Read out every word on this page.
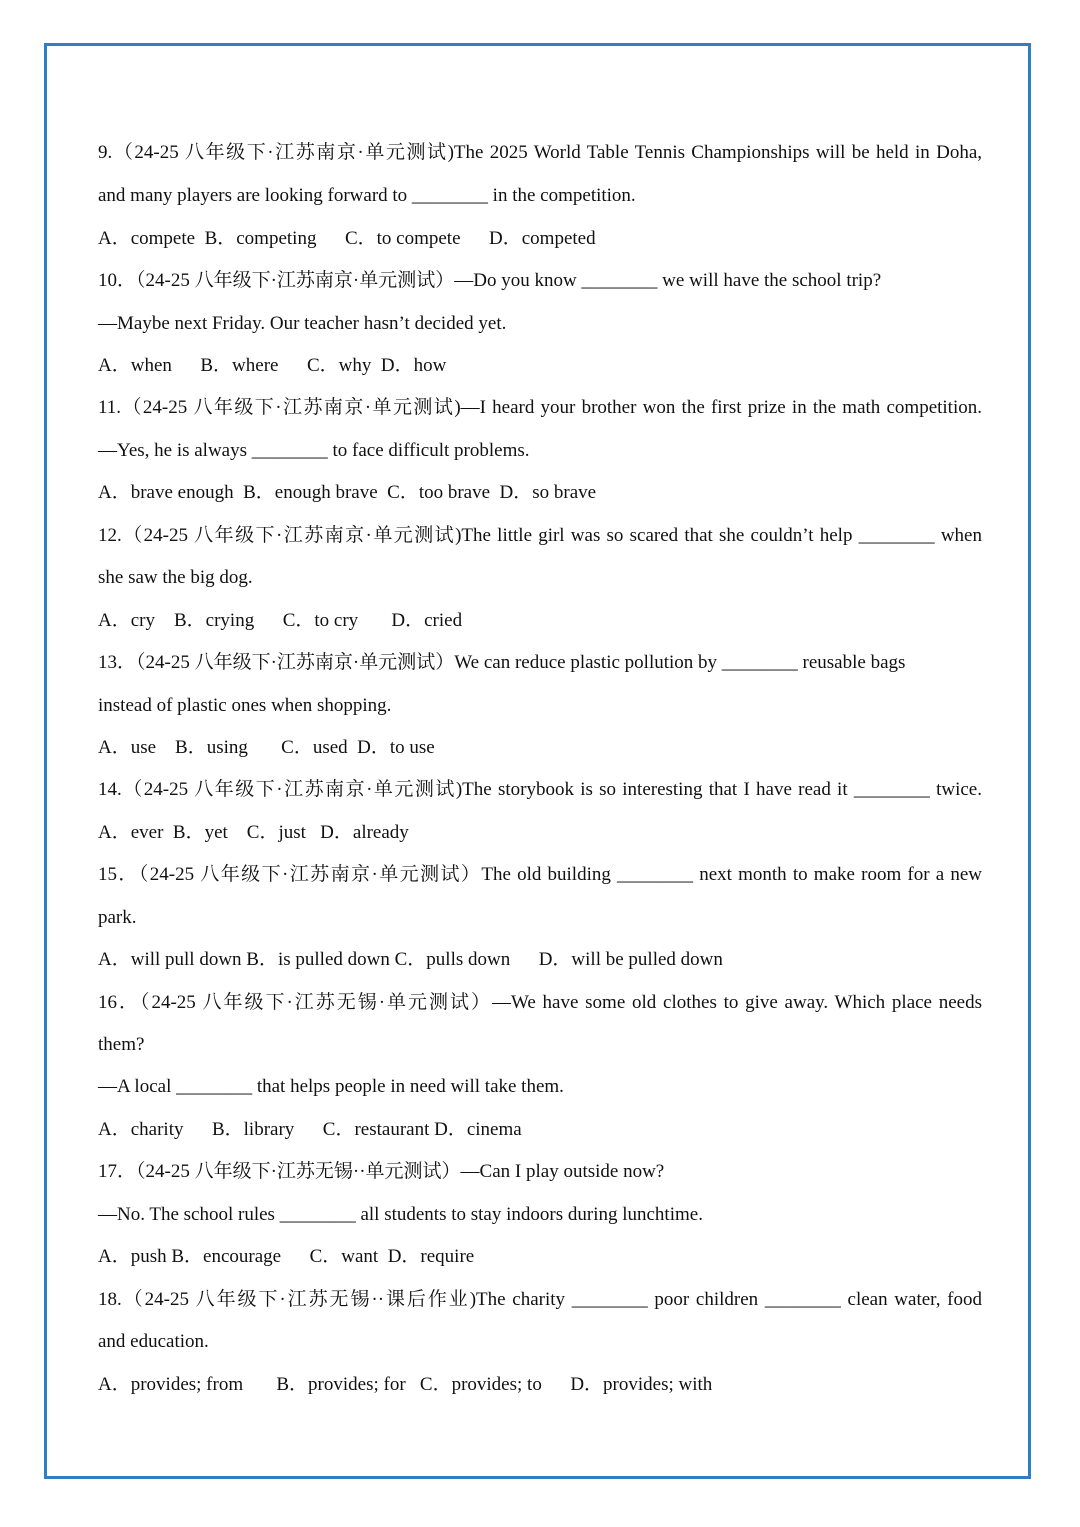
9.（24-25 八年级下·江苏南京·单元测试)The 2025 World Table Tennis Championships will be held in Doha,
and many players are looking forward to ________ in the competition.
A．compete  B．competing      C．to compete      D．competed
10．（24-25 八年级下·江苏南京·单元测试）—Do you know ________ we will have the school trip?
—Maybe next Friday. Our teacher hasn’t decided yet.
A．when      B．where      C．why  D．how
11.（24-25 八年级下·江苏南京·单元测试)—I heard your brother won the first prize in the math competition.
—Yes, he is always ________ to face difficult problems.
A．brave enough  B．enough brave  C．too brave  D．so brave
12.（24-25 八年级下·江苏南京·单元测试)The little girl was so scared that she couldn’t help ________ when
she saw the big dog.
A．cry    B．crying      C．to cry       D．cried
13．（24-25 八年级下·江苏南京·单元测试）We can reduce plastic pollution by ________ reusable bags
instead of plastic ones when shopping.
A．use    B．using       C．used  D．to use
14.（24-25 八年级下·江苏南京·单元测试)The storybook is so interesting that I have read it ________ twice.
A．ever  B．yet    C．just   D．already
15．（24-25 八年级下·江苏南京·单元测试）The old building ________ next month to make room for a new
park.
A．will pull down B．is pulled down C．pulls down      D．will be pulled down
16．（24-25 八年级下·江苏无锡·单元测试）—We have some old clothes to give away. Which place needs
them?
—A local ________ that helps people in need will take them.
A．charity      B．library      C．restaurant D．cinema
17．（24-25 八年级下·江苏无锡··单元测试）—Can I play outside now?
—No. The school rules ________ all students to stay indoors during lunchtime.
A．push B．encourage      C．want  D．require
18.（24-25 八年级下·江苏无锡··课后作业)The charity ________ poor children ________ clean water, food
and education.
A．provides; from       B．provides; for   C．provides; to      D．provides; with
